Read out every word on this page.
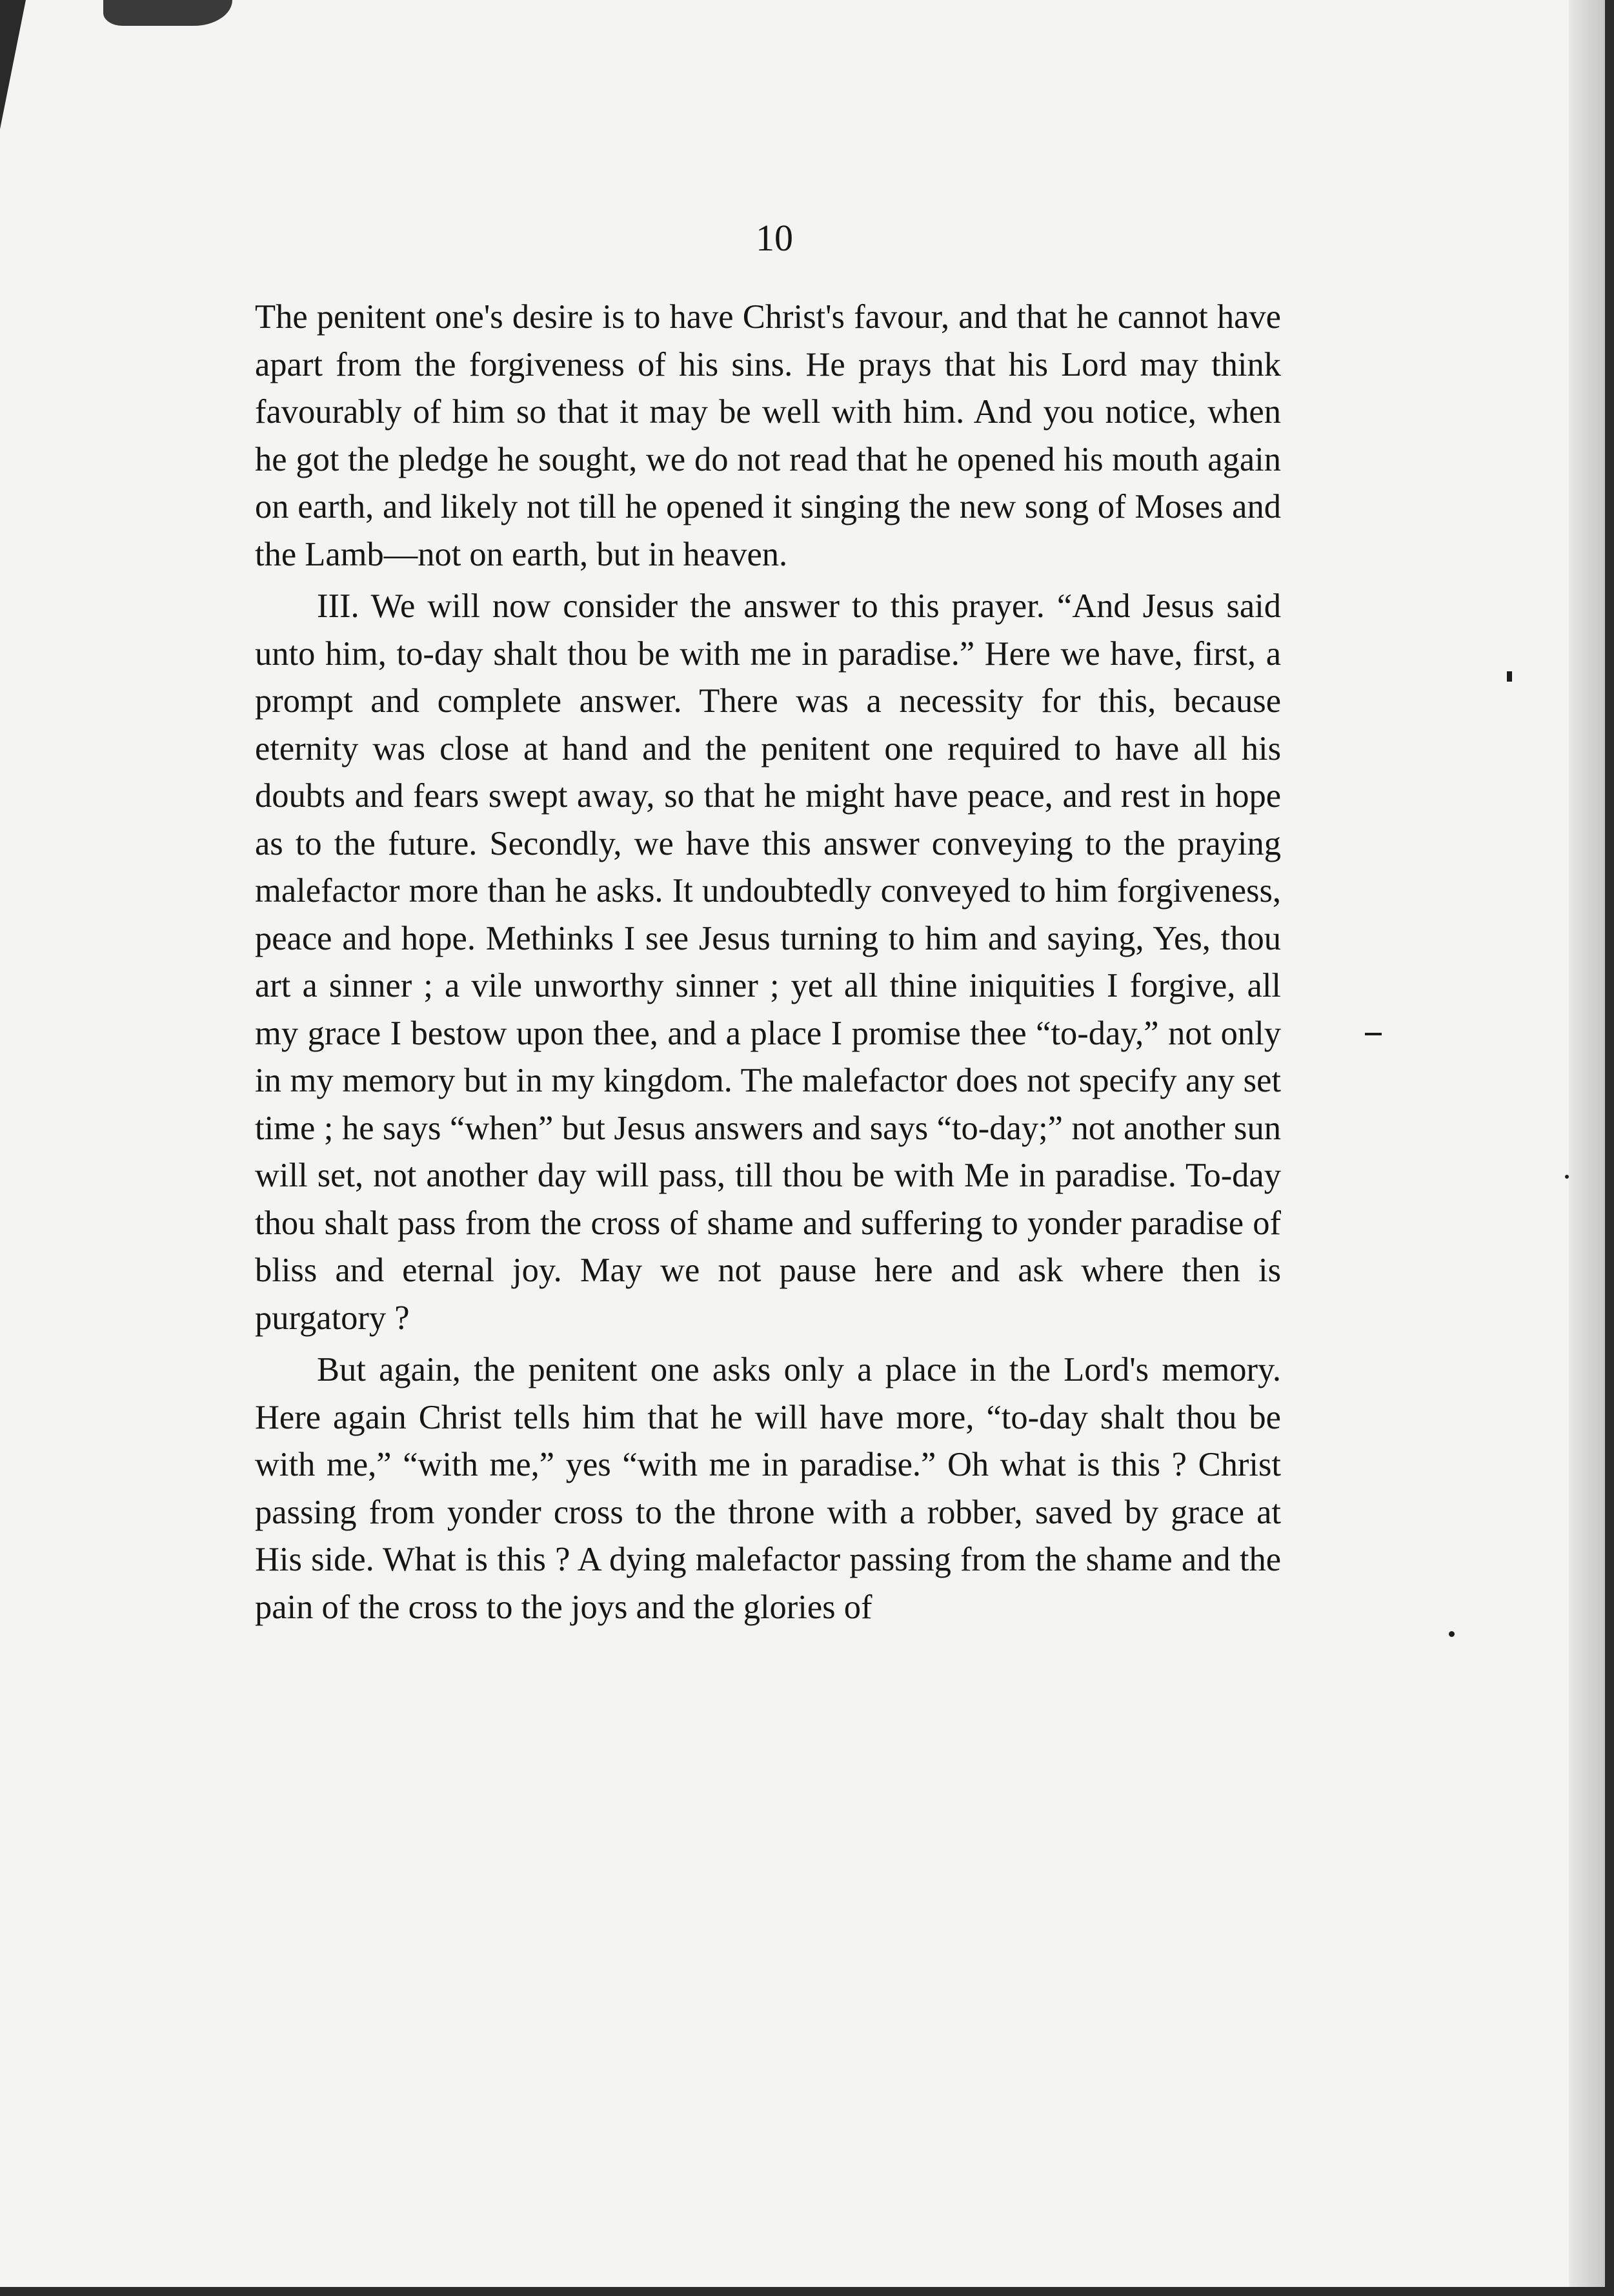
10

The penitent one's desire is to have Christ's favour, and that he cannot have apart from the forgiveness of his sins. He prays that his Lord may think favourably of him so that it may be well with him. And you notice, when he got the pledge he sought, we do not read that he opened his mouth again on earth, and likely not till he opened it singing the new song of Moses and the Lamb—not on earth, but in heaven.

III. We will now consider the answer to this prayer. “And Jesus said unto him, to-day shalt thou be with me in paradise.” Here we have, first, a prompt and complete answer. There was a necessity for this, because eternity was close at hand and the penitent one required to have all his doubts and fears swept away, so that he might have peace, and rest in hope as to the future. Secondly, we have this answer conveying to the praying malefactor more than he asks. It undoubtedly conveyed to him forgiveness, peace and hope. Methinks I see Jesus turning to him and saying, Yes, thou art a sinner ; a vile unworthy sinner ; yet all thine iniquities I forgive, all my grace I bestow upon thee, and a place I promise thee “to-day,” not only in my memory but in my kingdom. The malefactor does not specify any set time ; he says “when” but Jesus answers and says “to-day;” not another sun will set, not another day will pass, till thou be with Me in paradise. To-day thou shalt pass from the cross of shame and suffering to yonder paradise of bliss and eternal joy. May we not pause here and ask where then is purgatory ?

But again, the penitent one asks only a place in the Lord's memory. Here again Christ tells him that he will have more, “to-day shalt thou be with me,” “with me,” yes “with me in paradise.” Oh what is this ? Christ passing from yonder cross to the throne with a robber, saved by grace at His side. What is this ? A dying malefactor passing from the shame and the pain of the cross to the joys and the glories of
